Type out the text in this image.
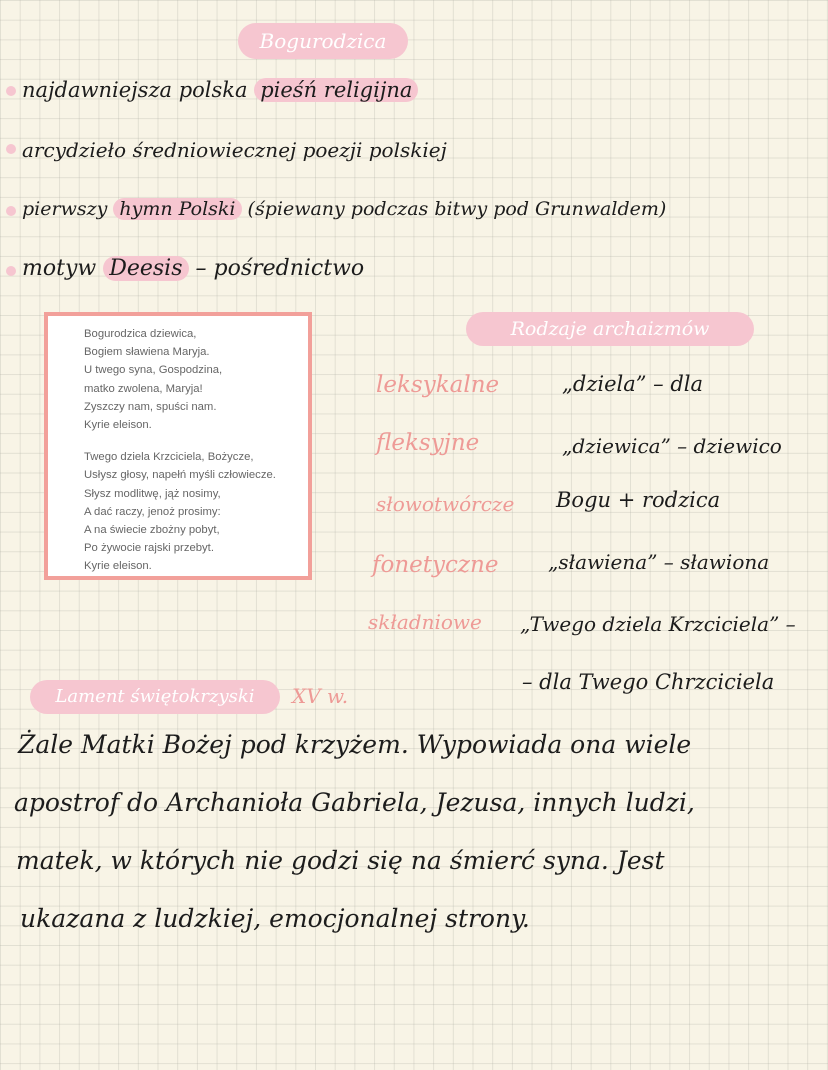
Bogurodzica
najdawniejsza polska pieśń religijna
arcydzieło średniowiecznej poezji polskiej
pierwszy hymn Polski (śpiewany podczas bitwy pod Grunwaldem)
motyw Deesis – pośrednictwo

Bogurodzica dziewica,

Bogiem sławiena Maryja.

U twego syna, Gospodzina,

matko zwolena, Maryja!

Zyszczy nam, spuści nam.

Kyrie eleison.

Twego dziela Krzciciela, Bożycze,

Usłysz głosy, napełń myśli człowiecze.

Słysz modlitwę, jąż nosimy,

A dać raczy, jenoż prosimy:

A na świecie zbożny pobyt,

Po żywocie rajski przebyt.

Kyrie eleison.

Rodzaje archaizmów
leksykalne	„dziela” – dla
fleksyjne	„dziewica” – dziewico
słowotwórcze Bogu + rodzica
fonetyczne „sławiena” – sławiona
składniowe „Twego dziela Krzciciela” –
– dla Twego Chrzciciela
Lament świętokrzyski	XV w.
Żale Matki Bożej pod krzyżem. Wypowiada ona wiele
apostrof do Archanioła Gabriela, Jezusa, innych ludzi,
matek, w których nie godzi się na śmierć syna. Jest
ukazana z ludzkiej, emocjonalnej strony.
